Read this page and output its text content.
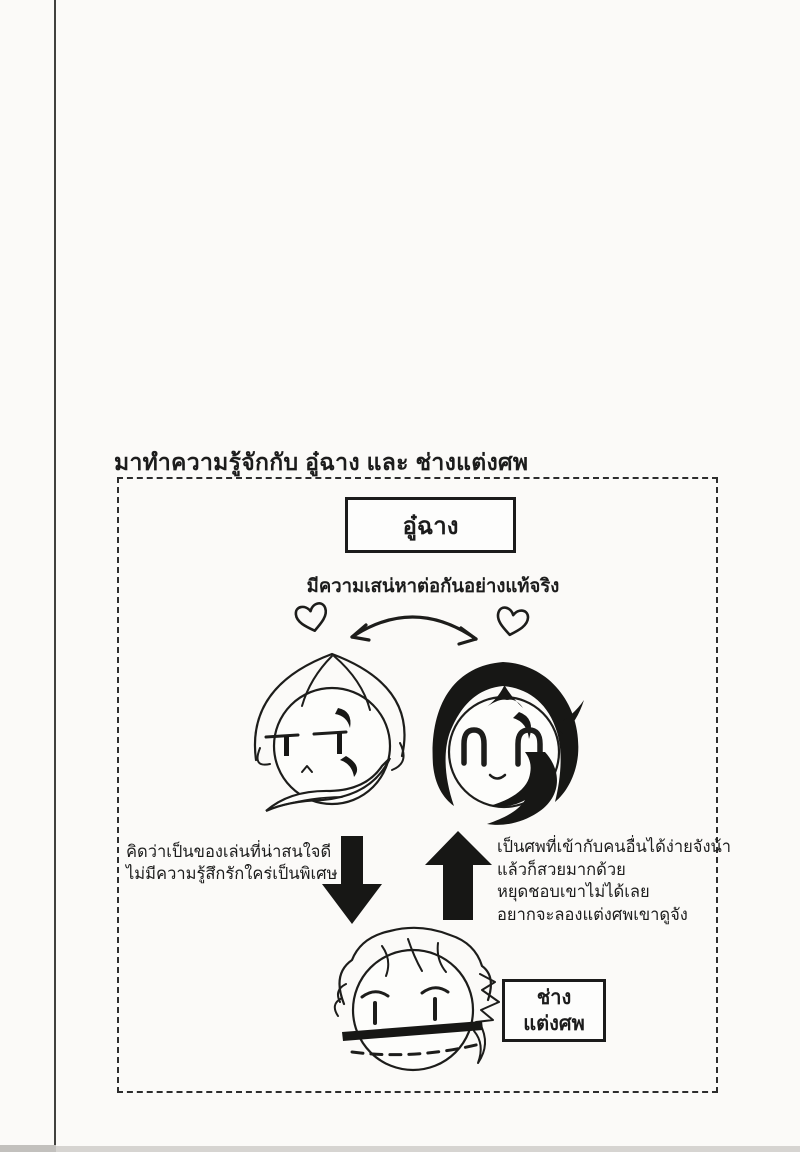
มาทำความรู้จักกับ อู๋ฉาง และ ช่างแต่งศพ
อู๋ฉาง
มีความเสน่หาต่อกันอย่างแท้จริง
คิดว่าเป็นของเล่นที่น่าสนใจดี
ไม่มีความรู้สึกรักใคร่เป็นพิเศษ
เป็นศพที่เข้ากับคนอื่นได้ง่ายจังน้า
แล้วก็สวยมากด้วย
หยุดชอบเขาไม่ได้เลย
อยากจะลองแต่งศพเขาดูจัง
ช่าง
แต่งศพ
